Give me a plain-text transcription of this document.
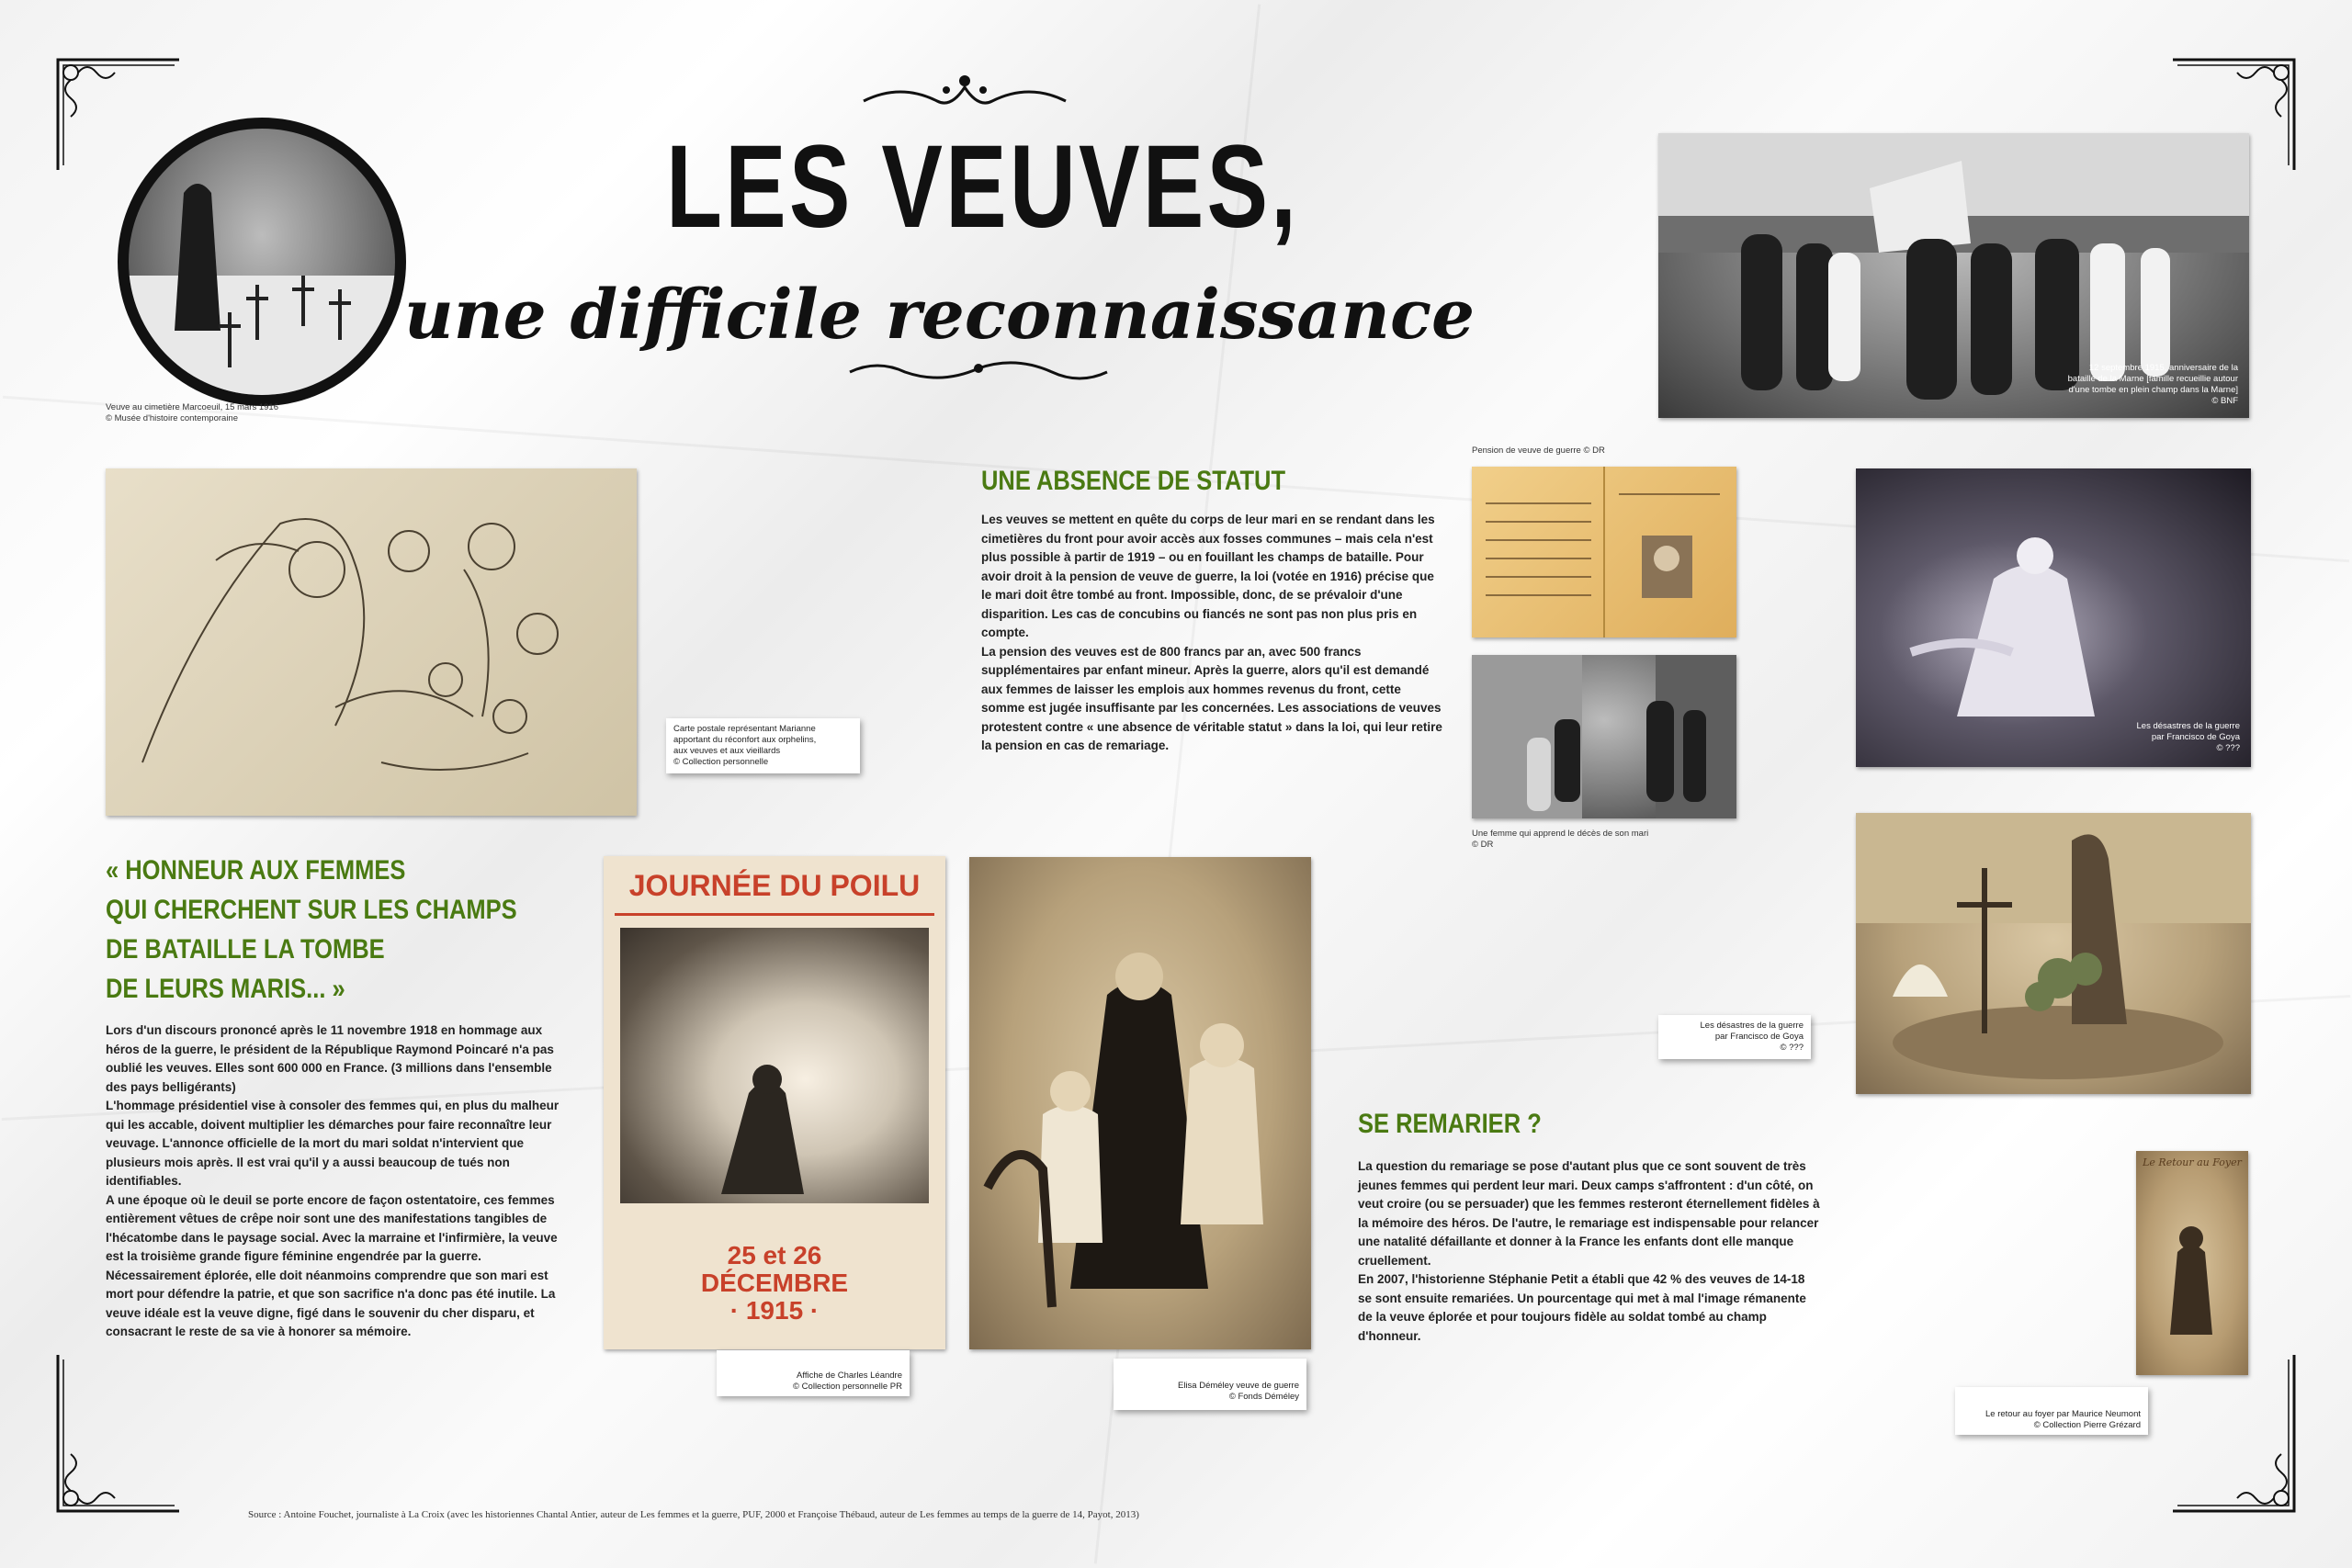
LES VEUVES,
une difficile reconnaissance
Veuve au cimetière Marcoeuil, 15 mars 1916
© Musée d'histoire contemporaine
12 septembre 1915, anniversaire de la
bataille de la Marne [famille recueillie autour
d'une tombe en plein champ dans la Marne]
© BNF
Carte postale représentant Marianne
apportant du réconfort aux orphelins,
aux veuves et aux vieillards
© Collection personnelle
UNE ABSENCE DE STATUT

Les veuves se mettent en quête du corps de leur mari en se rendant dans les cimetières du front pour avoir accès aux fosses communes – mais cela n'est plus possible à partir de 1919 – ou en fouillant les champs de bataille. Pour avoir droit à la pension de veuve de guerre, la loi (votée en 1916) précise que le mari doit être tombé au front. Impossible, donc, de se prévaloir d'une disparition. Les cas de concubins ou fiancés ne sont pas non plus pris en compte.

La pension des veuves est de 800 francs par an, avec 500 francs supplémentaires par enfant mineur. Après la guerre, alors qu'il est demandé aux femmes de laisser les emplois aux hommes revenus du front, cette somme est jugée insuffisante par les concernées. Les associations de veuves protestent contre « une absence de véritable statut » dans la loi, qui leur retire la pension en cas de remariage.

Pension de veuve de guerre © DR
Une femme qui apprend le décès de son mari
© DR
Les désastres de la guerre
par Francisco de Goya
© ???
Les désastres de la guerre
par Francisco de Goya
© ???
« HONNEUR AUX FEMMES
QUI CHERCHENT SUR LES CHAMPS
DE BATAILLE LA TOMBE
DE LEURS MARIS... »

Lors d'un discours prononcé après le 11 novembre 1918 en hommage aux héros de la guerre, le président de la République Raymond Poincaré n'a pas oublié les veuves. Elles sont 600 000 en France. (3 millions dans l'ensemble des pays belligérants)

L'hommage présidentiel vise à consoler des femmes qui, en plus du malheur qui les accable, doivent multiplier les démarches pour faire reconnaître leur veuvage. L'annonce officielle de la mort du mari soldat n'intervient que plusieurs mois après. Il est vrai qu'il y a aussi beaucoup de tués non identifiables.

A une époque où le deuil se porte encore de façon ostentatoire, ces femmes entièrement vêtues de crêpe noir sont une des manifestations tangibles de l'hécatombe dans le paysage social. Avec la marraine et l'infirmière, la veuve est la troisième grande figure féminine engendrée par la guerre. Nécessairement éplorée, elle doit néanmoins comprendre que son mari est mort pour défendre la patrie, et que son sacrifice n'a donc pas été inutile. La veuve idéale est la veuve digne, figé dans le souvenir du cher disparu, et consacrant le reste de sa vie à honorer sa mémoire.

JOURNÉE DU POILU
25 et 26
DÉCEMBRE
· 1915 ·
Affiche de Charles Léandre
© Collection personnelle PR	Elisa Déméley veuve de guerre
© Fonds Déméley
SE REMARIER ?

La question du remariage se pose d'autant plus que ce sont souvent de très jeunes femmes qui perdent leur mari. Deux camps s'affrontent : d'un côté, on veut croire (ou se persuader) que les femmes resteront éternellement fidèles à la mémoire des héros. De l'autre, le remariage est indispensable pour relancer une natalité défaillante et donner à la France les enfants dont elle manque cruellement.

En 2007, l'historienne Stéphanie Petit a établi que 42 % des veuves de 14-18 se sont ensuite remariées. Un pourcentage qui met à mal l'image rémanente de la veuve éplorée et pour toujours fidèle au soldat tombé au champ d'honneur.

Le Retour au Foyer
Le retour au foyer par Maurice Neumont
© Collection Pierre Grézard
Source : Antoine Fouchet, journaliste à La Croix (avec les historiennes Chantal Antier, auteur de Les femmes et la guerre, PUF, 2000 et Françoise Thébaud, auteur de Les femmes au temps de la guerre de 14, Payot, 2013)
